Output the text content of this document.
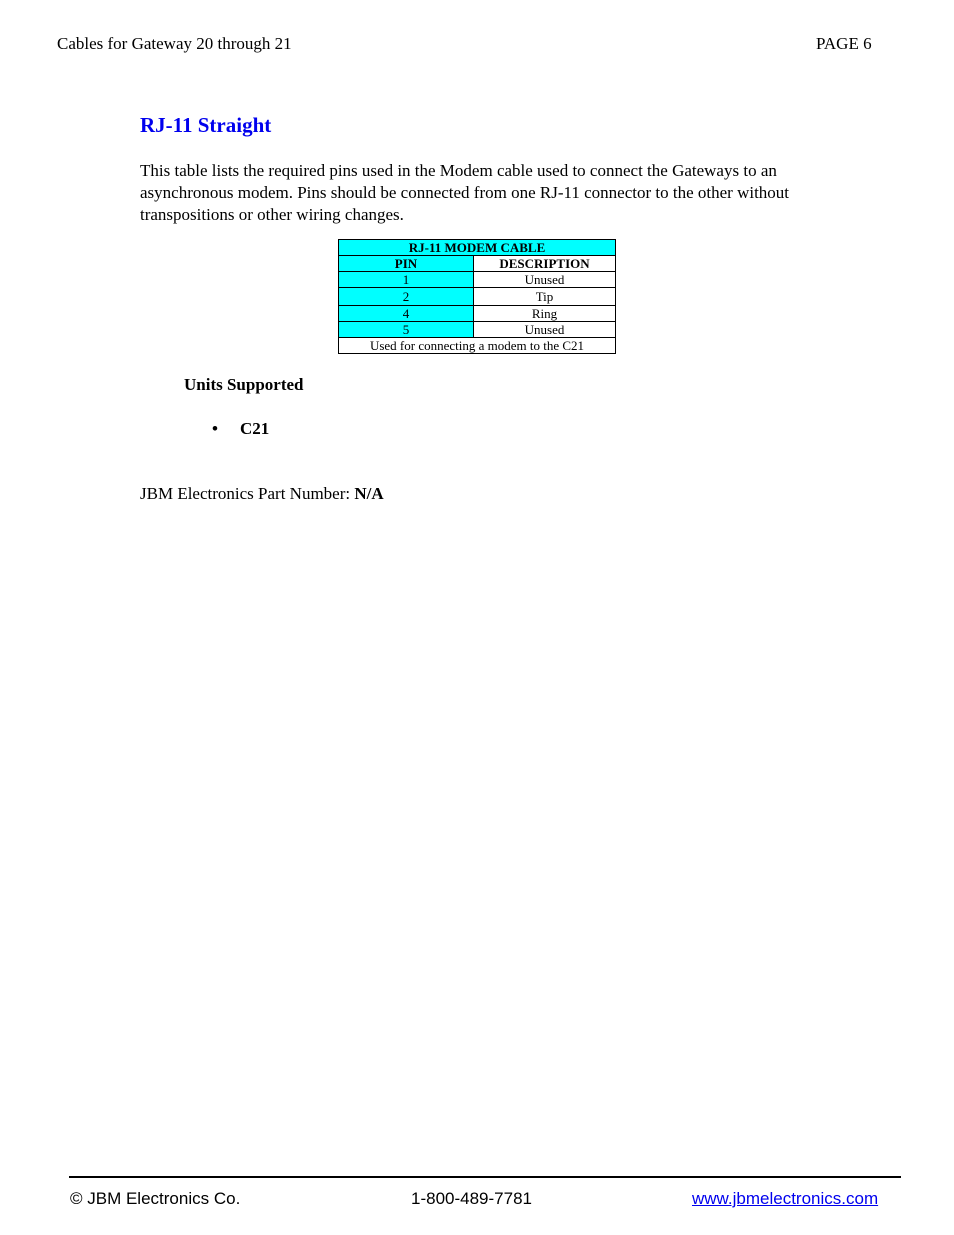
Cables for Gateway 20 through 21	PAGE 6
RJ-11 Straight
This table lists the required pins used in the Modem cable used to connect the Gateways to an asynchronous modem. Pins should be connected from one RJ-11 connector to the other without transpositions or other wiring changes.
RJ-11 MODEM CABLE	
PIN	DESCRIPTION
1	Unused
2	Tip
4	Ring
5	Unused
Used for connecting a modem to the C21	
Units Supported
• C21
JBM Electronics Part Number: N/A
© JBM Electronics Co.	1-800-489-7781	www.jbmelectronics.com
